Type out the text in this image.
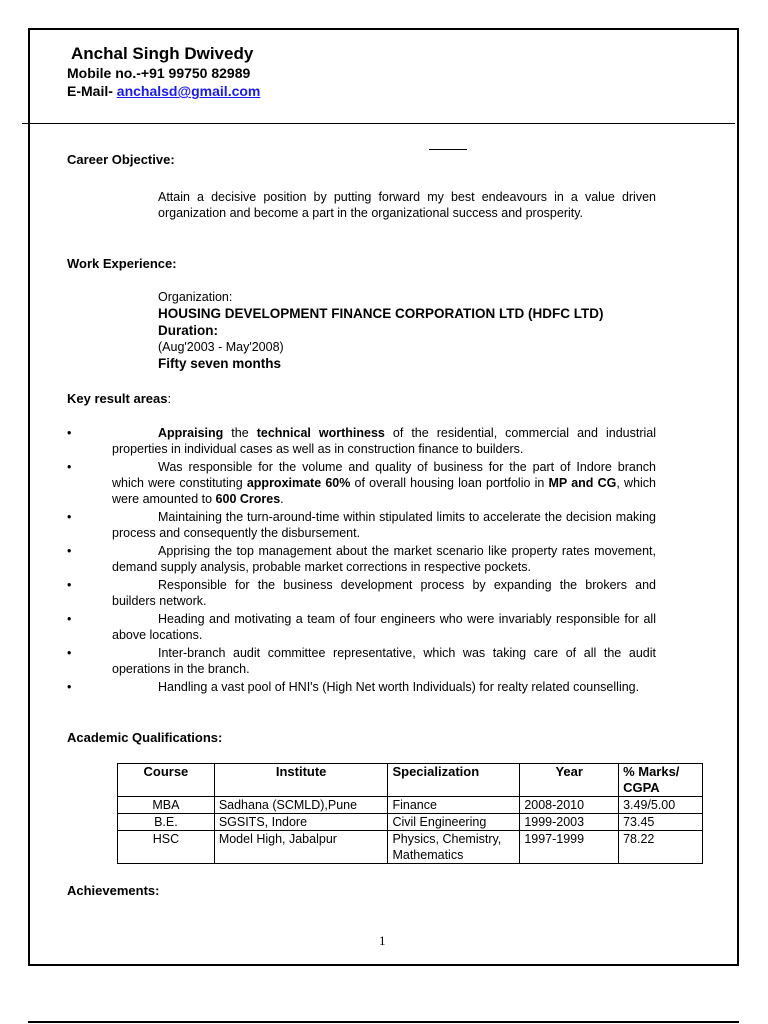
Anchal Singh Dwivedy
Mobile no.-+91 99750 82989
E-Mail- anchalsd@gmail.com
Career Objective:
Attain a decisive position by putting forward my best endeavours in a value driven organization and become a part in the organizational success and prosperity.
Work Experience:
Organization:
HOUSING DEVELOPMENT FINANCE CORPORATION LTD (HDFC LTD)
Duration:
(Aug'2003 - May'2008)
Fifty seven months
Key result areas:
•	Appraising the technical worthiness of the residential, commercial and industrial properties in individual cases as well as in construction finance to builders.
•	Was responsible for the volume and quality of business for the part of Indore branch which were constituting approximate 60% of overall housing loan portfolio in MP and CG, which were amounted to 600 Crores.
•	Maintaining the turn-around-time within stipulated limits to accelerate the decision making process and consequently the disbursement.
•	Apprising the top management about the market scenario like property rates movement, demand supply analysis, probable market corrections in respective pockets.
•	Responsible for the business development process by expanding the brokers and builders network.
•	Heading and motivating a team of four engineers who were invariably responsible for all above locations.
•	Inter-branch audit committee representative, which was taking care of all the audit operations in the branch.
•	Handling a vast pool of HNI's (High Net worth Individuals) for realty related counselling.
Academic Qualifications:
Course	Institute	Specialization	Year	% Marks/ CGPA
MBA	Sadhana (SCMLD),Pune	Finance	2008-2010	3.49/5.00
B.E.	SGSITS, Indore	Civil Engineering	1999-2003	73.45
HSC	Model High, Jabalpur	Physics, Chemistry, Mathematics	1997-1999	78.22
Achievements:
1
